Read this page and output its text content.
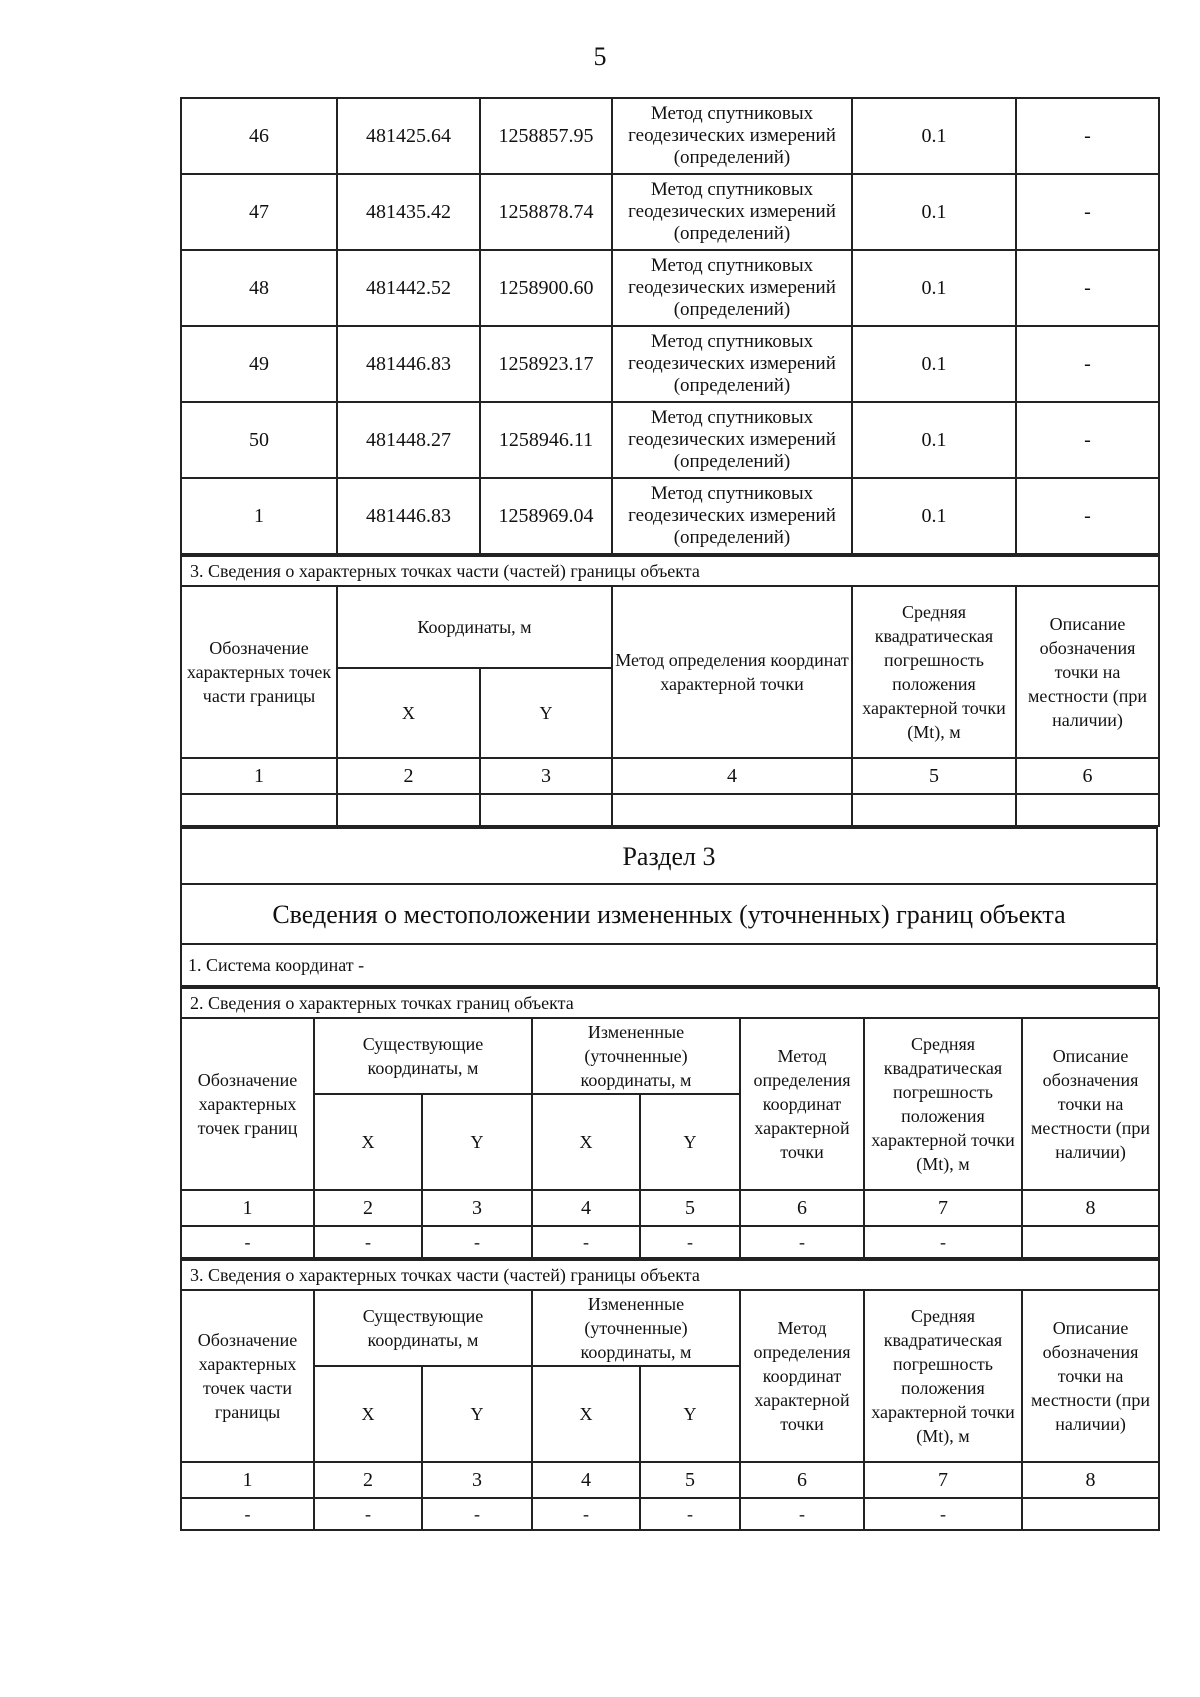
5
46	481425.64	1258857.95	Метод спутниковых геодезических измерений (определений)	0.1	-
47	481435.42	1258878.74	Метод спутниковых геодезических измерений (определений)	0.1	-
48	481442.52	1258900.60	Метод спутниковых геодезических измерений (определений)	0.1	-
49	481446.83	1258923.17	Метод спутниковых геодезических измерений (определений)	0.1	-
50	481448.27	1258946.11	Метод спутниковых геодезических измерений (определений)	0.1	-
1	481446.83	1258969.04	Метод спутниковых геодезических измерений (определений)	0.1	-
3. Сведения о характерных точках части (частей) границы объекта					
Обозначение характерных точек части границы	Координаты, м		Метод определения координат характерной точки	Средняя квадратическая погрешность положения характерной точки (Mt), м	Описание обозначения точки на местности (при наличии)
	X	Y			
1	2	3	4	5	6

Раздел 3
Сведения о местоположении измененных (уточненных) границ объекта
1. Система координат -
2. Сведения о характерных точках границ объекта							
Обозначение характерных точек границ	Существующие координаты, м		Измененные (уточненные) координаты, м		Метод определения координат характерной точки	Средняя квадратическая погрешность положения характерной точки (Mt), м	Описание обозначения точки на местности (при наличии)
	X	Y	X	Y			
1	2	3	4	5	6	7	8
-	-	-	-	-	-	-	
3. Сведения о характерных точках части (частей) границы объекта							
Обозначение характерных точек части границы	Существующие координаты, м		Измененные (уточненные) координаты, м		Метод определения координат характерной точки	Средняя квадратическая погрешность положения характерной точки (Mt), м	Описание обозначения точки на местности (при наличии)
	X	Y	X	Y			
1	2	3	4	5	6	7	8
-	-	-	-	-	-	-	
